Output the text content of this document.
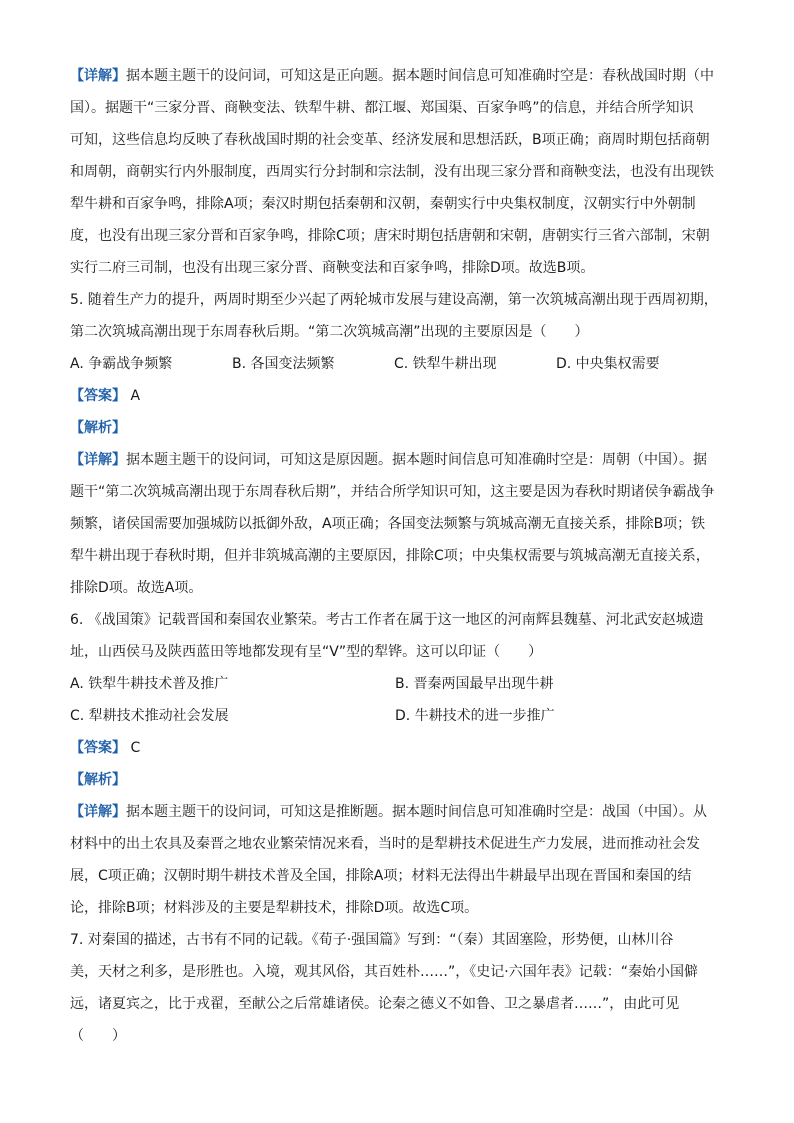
【详解】据本题主题干的设问词，可知这是正向题。据本题时间信息可知准确时空是：春秋战国时期（中
国）。据题干“三家分晋、商鞅变法、铁犁牛耕、都江堰、郑国渠、百家争鸣”的信息，并结合所学知识
可知，这些信息均反映了春秋战国时期的社会变革、经济发展和思想活跃，B项正确；商周时期包括商朝
和周朝，商朝实行内外服制度，西周实行分封制和宗法制，没有出现三家分晋和商鞅变法，也没有出现铁
犁牛耕和百家争鸣，排除A项；秦汉时期包括秦朝和汉朝，秦朝实行中央集权制度，汉朝实行中外朝制
度，也没有出现三家分晋和百家争鸣，排除C项；唐宋时期包括唐朝和宋朝，唐朝实行三省六部制，宋朝
实行二府三司制，也没有出现三家分晋、商鞅变法和百家争鸣，排除D项。故选B项。
5. 随着生产力的提升，两周时期至少兴起了两轮城市发展与建设高潮，第一次筑城高潮出现于西周初期，
第二次筑城高潮出现于东周春秋后期。“第二次筑城高潮”出现的主要原因是（　　）
A. 争霸战争频繁	B. 各国变法频繁	C. 铁犁牛耕出现	D. 中央集权需要
【答案】 A
【解析】
【详解】据本题主题干的设问词，可知这是原因题。据本题时间信息可知准确时空是：周朝（中国）。据
题干“第二次筑城高潮出现于东周春秋后期”，并结合所学知识可知，这主要是因为春秋时期诸侯争霸战争
频繁，诸侯国需要加强城防以抵御外敌，A项正确；各国变法频繁与筑城高潮无直接关系，排除B项；铁
犁牛耕出现于春秋时期，但并非筑城高潮的主要原因，排除C项；中央集权需要与筑城高潮无直接关系，
排除D项。故选A项。
6. 《战国策》记载晋国和秦国农业繁荣。考古工作者在属于这一地区的河南辉县魏墓、河北武安赵城遗
址，山西侯马及陕西蓝田等地都发现有呈“V”型的犁铧。这可以印证（　　）
A. 铁犁牛耕技术普及推广	B. 晋秦两国最早出现牛耕
C. 犁耕技术推动社会发展	D. 牛耕技术的进一步推广
【答案】 C
【解析】
【详解】据本题主题干的设问词，可知这是推断题。据本题时间信息可知准确时空是：战国（中国）。从
材料中的出土农具及秦晋之地农业繁荣情况来看，当时的是犁耕技术促进生产力发展，进而推动社会发
展，C项正确；汉朝时期牛耕技术普及全国，排除A项；材料无法得出牛耕最早出现在晋国和秦国的结
论，排除B项；材料涉及的主要是犁耕技术，排除D项。故选C项。
7. 对秦国的描述，古书有不同的记载。《荀子·强国篇》写到：“（秦）其固塞险，形势便，山林川谷
美，天材之利多，是形胜也。入境，观其风俗，其百姓朴……”，《史记·六国年表》记载：“秦始小国僻
远，诸夏宾之，比于戎翟，至献公之后常雄诸侯。论秦之德义不如鲁、卫之暴虐者……”，由此可见
（　　）
